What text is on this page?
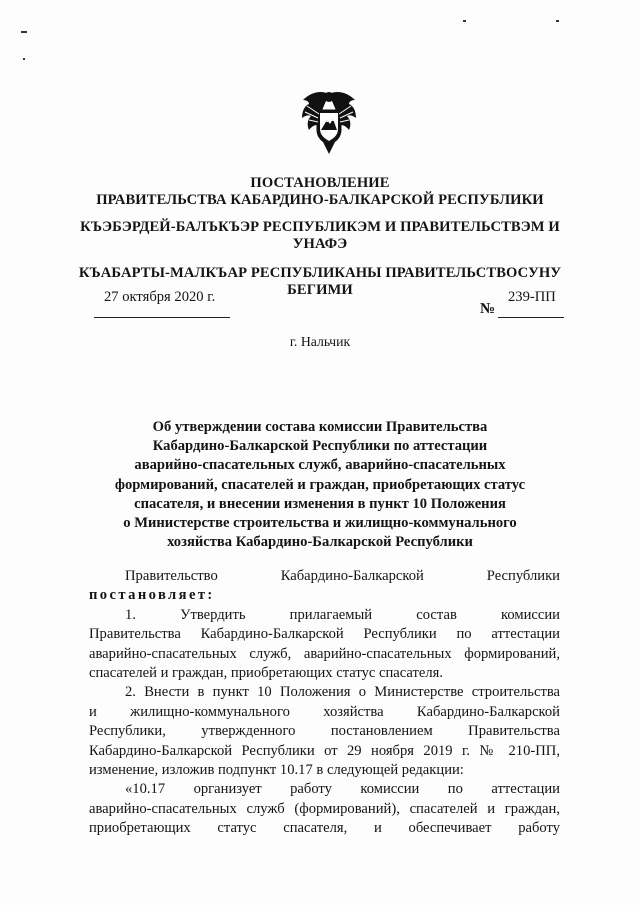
ПОСТАНОВЛЕНИЕ
ПРАВИТЕЛЬСТВА КАБАРДИНО-БАЛКАРСКОЙ РЕСПУБЛИКИ
КЪЭБЭРДЕЙ-БАЛЪКЪЭР РЕСПУБЛИКЭМ И ПРАВИТЕЛЬСТВЭМ И
УНАФЭ
КЪАБАРТЫ-МАЛКЪАР РЕСПУБЛИКАНЫ ПРАВИТЕЛЬСТВОСУНУ
БЕГИМИ
27 октября 2020 г.
№
239-ПП
г. Нальчик
Об утверждении состава комиссии Правительства
Кабардино-Балкарской Республики по аттестации
аварийно-спасательных служб, аварийно-спасательных
формирований, спасателей и граждан, приобретающих статус
спасателя, и внесении изменения в пункт 10 Положения
о Министерстве строительства и жилищно-коммунального
хозяйства Кабардино-Балкарской Республики
Правительство Кабардино-Балкарской Республики
постановляет:
1. Утвердить прилагаемый состав комиссии
Правительства Кабардино-Балкарской Республики по аттестации
аварийно-спасательных служб, аварийно-спасательных формирований,
спасателей и граждан, приобретающих статус спасателя.
2. Внести в пункт 10 Положения о Министерстве строительства
и жилищно-коммунального хозяйства Кабардино-Балкарской
Республики, утвержденного постановлением Правительства
Кабардино-Балкарской Республики от 29 ноября 2019 г. № 210-ПП,
изменение, изложив подпункт 10.17 в следующей редакции:
«10.17 организует работу комиссии по аттестации
аварийно-спасательных служб (формирований), спасателей и граждан,
приобретающих статус спасателя, и обеспечивает работу
